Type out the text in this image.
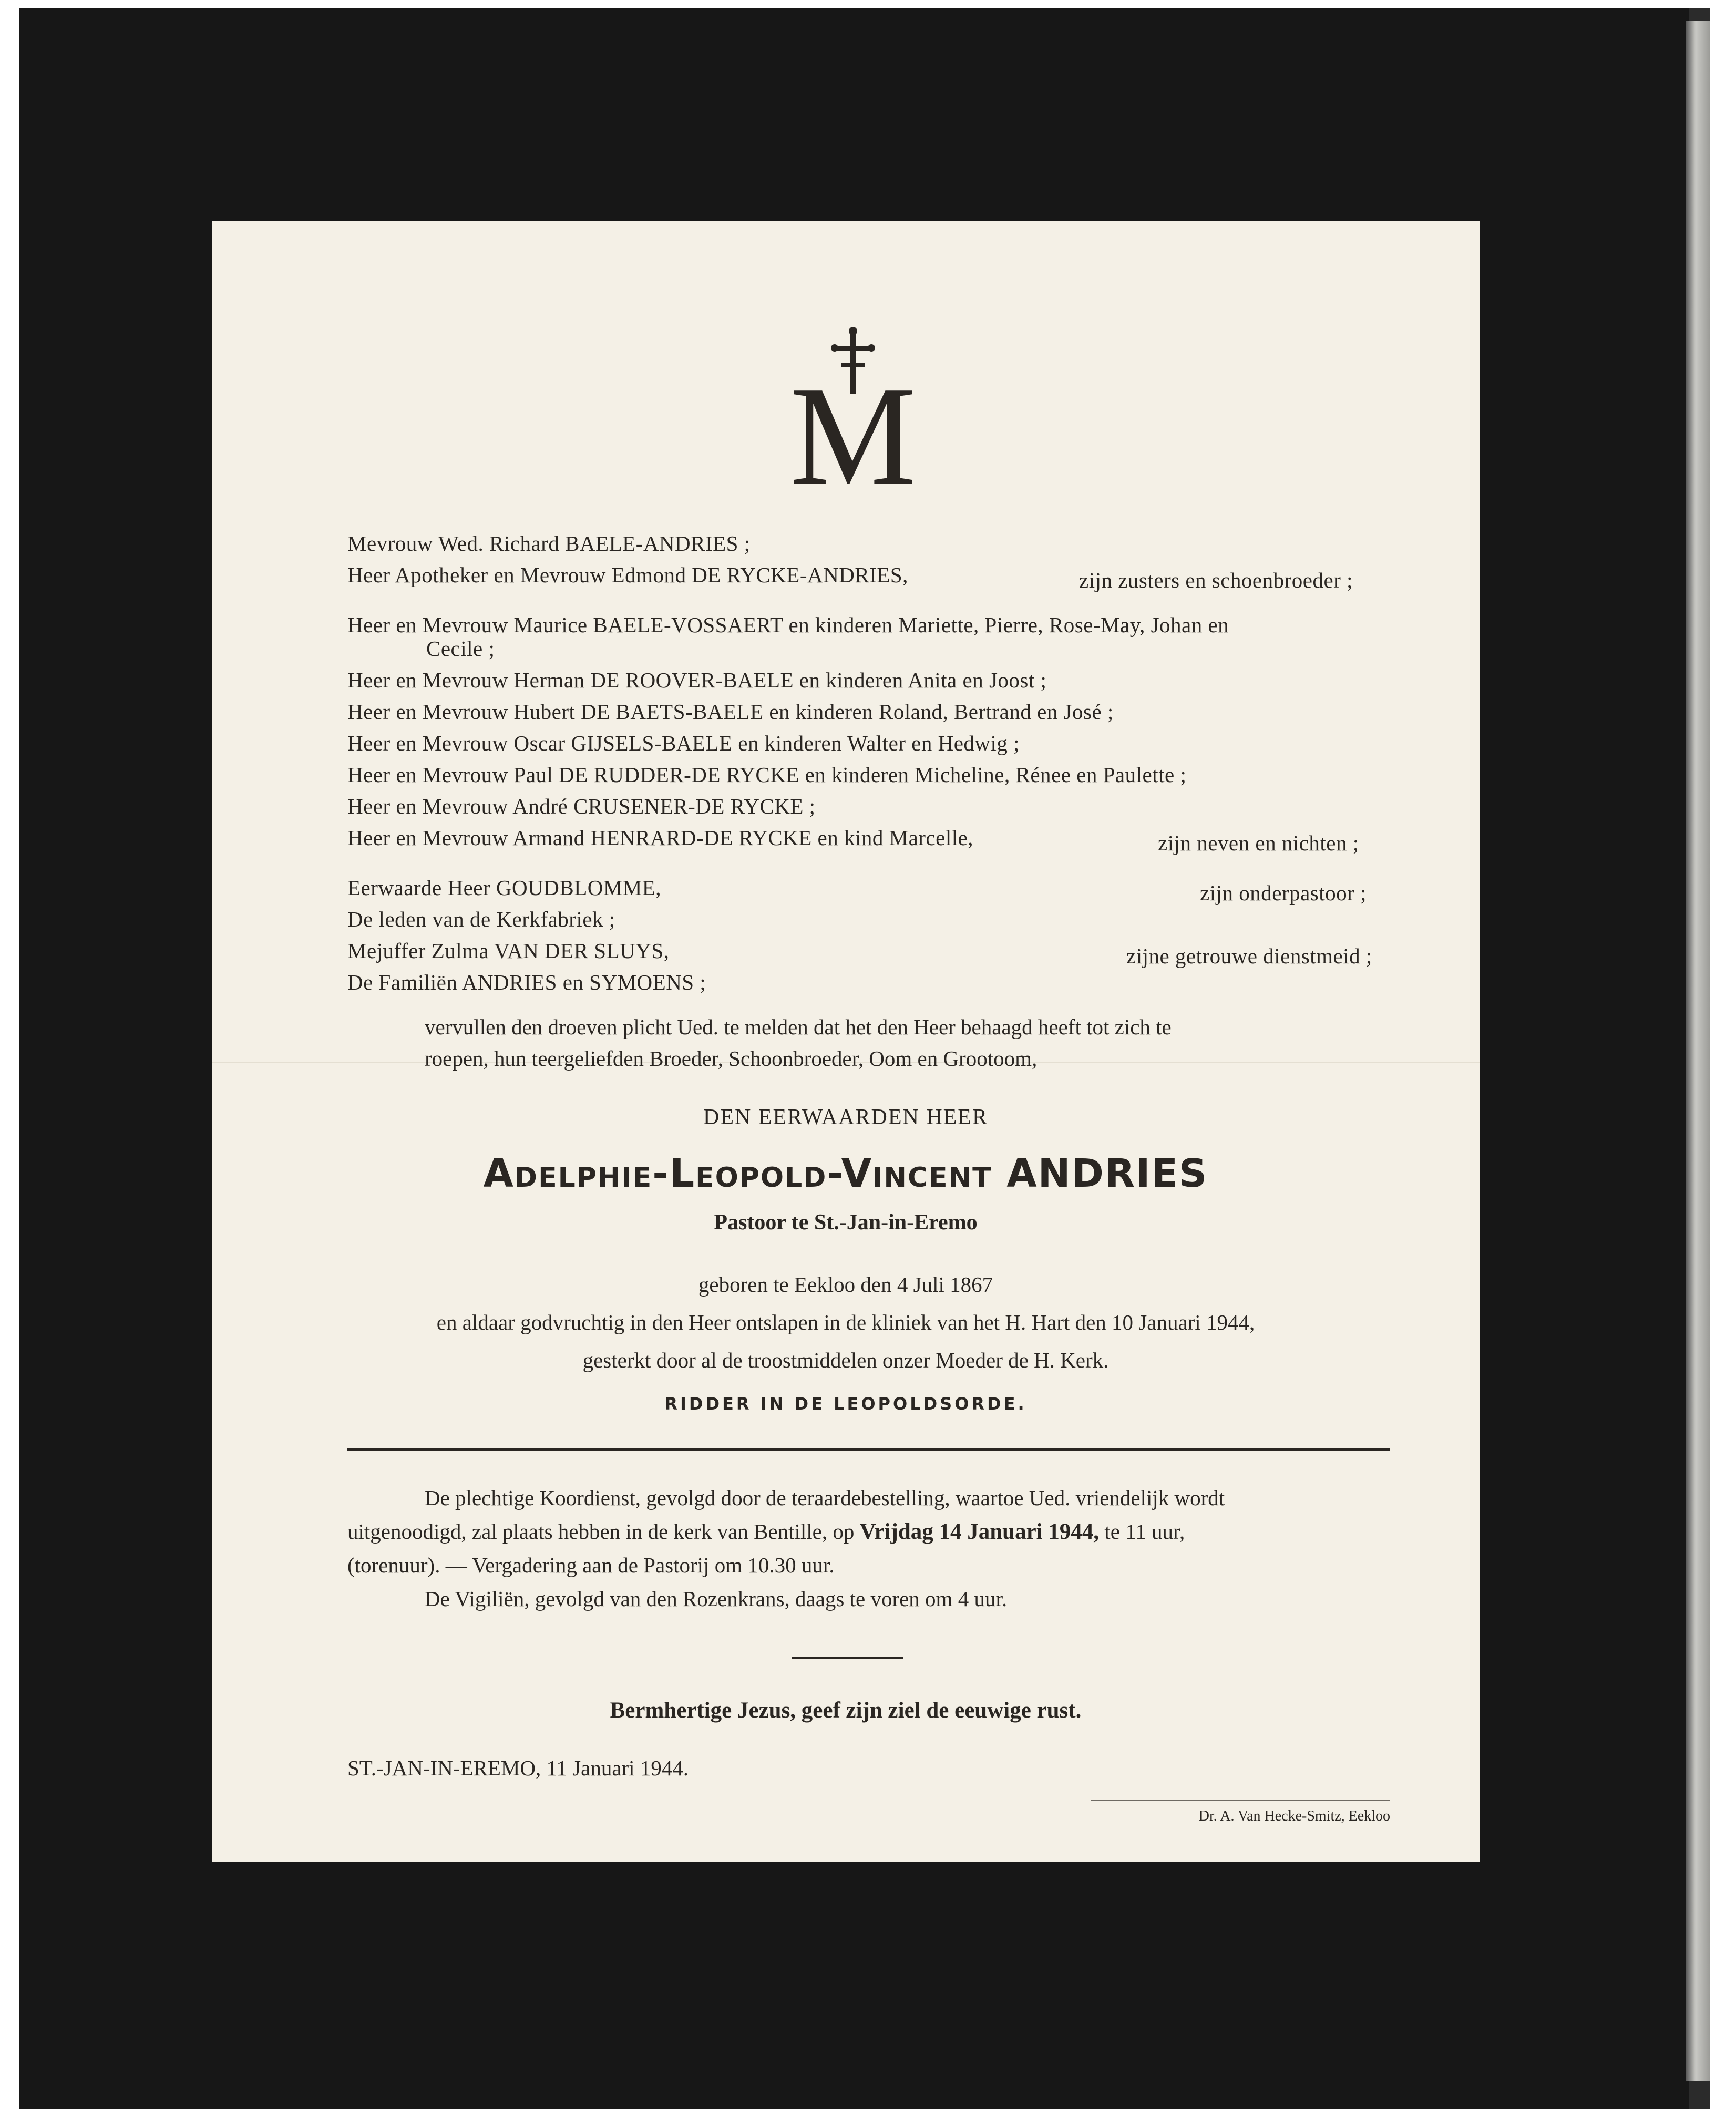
M
Mevrouw Wed. Richard BAELE-ANDRIES ;
Heer Apotheker en Mevrouw Edmond DE RYCKE-ANDRIES,	zijn zusters en schoenbroeder ;
Heer en Mevrouw Maurice BAELE-VOSSAERT en kinderen Mariette, Pierre, Rose-May, Johan en
Cecile ;
Heer en Mevrouw Herman DE ROOVER-BAELE en kinderen Anita en Joost ;
Heer en Mevrouw Hubert DE BAETS-BAELE en kinderen Roland, Bertrand en José ;
Heer en Mevrouw Oscar GIJSELS-BAELE en kinderen Walter en Hedwig ;
Heer en Mevrouw Paul DE RUDDER-DE RYCKE en kinderen Micheline, Rénee en Paulette ;
Heer en Mevrouw André CRUSENER-DE RYCKE ;
Heer en Mevrouw Armand HENRARD-DE RYCKE en kind Marcelle,	zijn neven en nichten ;
Eerwaarde Heer GOUDBLOMME,	zijn onderpastoor ;
De leden van de Kerkfabriek ;
Mejuffer Zulma VAN DER SLUYS,	zijne getrouwe dienstmeid ;
De Familiën ANDRIES en SYMOENS ;
vervullen den droeven plicht Ued. te melden dat het den Heer behaagd heeft tot zich te
roepen, hun teergeliefden Broeder, Schoonbroeder, Oom en Grootoom,
DEN EERWAARDEN HEER
Adelphie-Leopold-Vincent ANDRIES
Pastoor te St.-Jan-in-Eremo
geboren te Eekloo den 4 Juli 1867
en aldaar godvruchtig in den Heer ontslapen in de kliniek van het H. Hart den 10 Januari 1944,
gesterkt door al de troostmiddelen onzer Moeder de H. Kerk.
RIDDER IN DE LEOPOLDSORDE.
De plechtige Koordienst, gevolgd door de teraardebestelling, waartoe Ued. vriendelijk wordt
uitgenoodigd, zal plaats hebben in de kerk van Bentille, op Vrijdag 14 Januari 1944, te 11 uur,
(torenuur). — Vergadering aan de Pastorij om 10.30 uur.
De Vigiliën, gevolgd van den Rozenkrans, daags te voren om 4 uur.
Bermhertige Jezus, geef zijn ziel de eeuwige rust.
ST.-JAN-IN-EREMO, 11 Januari 1944.
Dr. A. Van Hecke-Smitz, Eekloo
